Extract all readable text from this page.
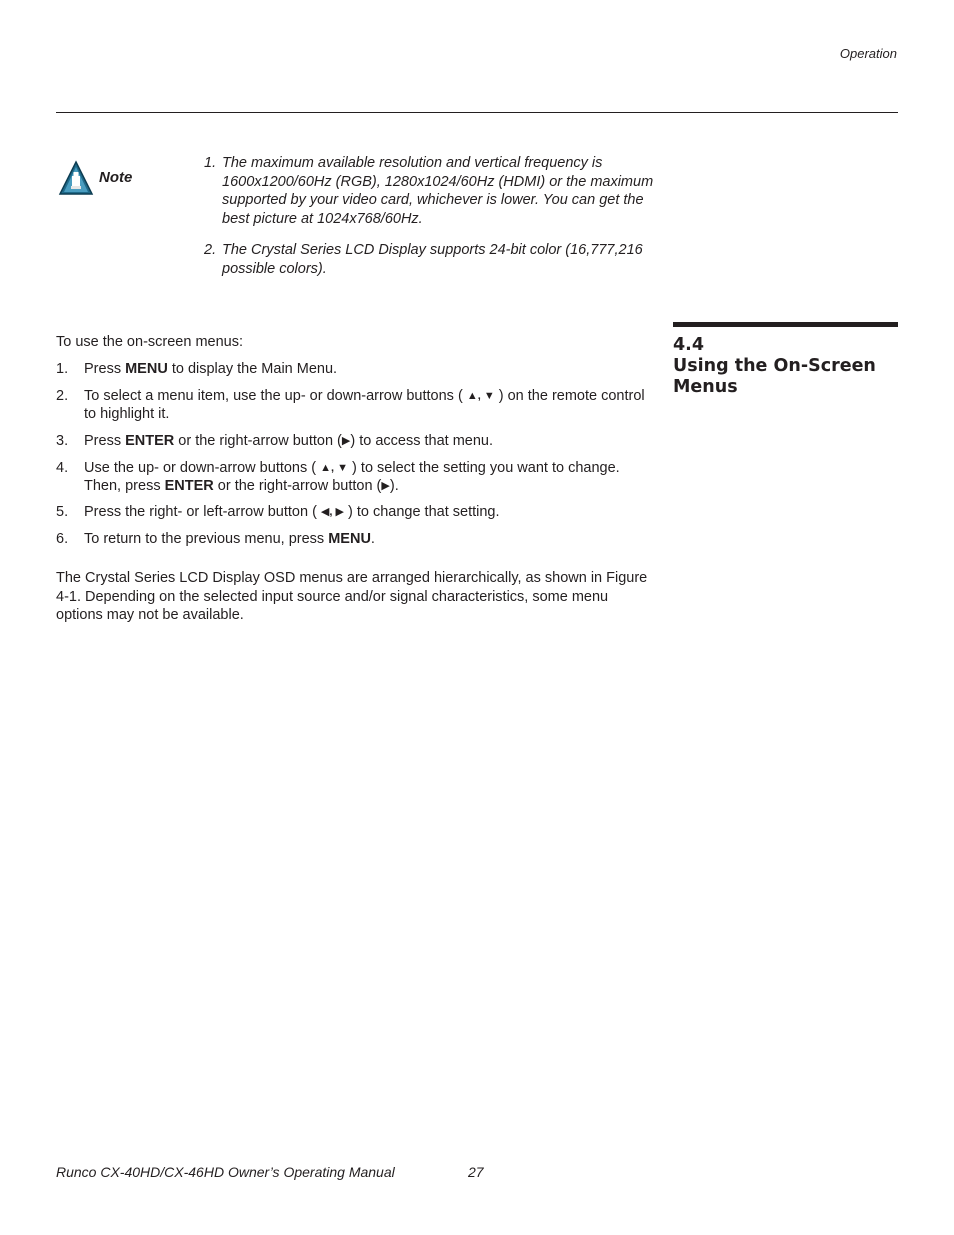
Operation
Note
1. The maximum available resolution and vertical frequency is 1600x1200/60Hz (RGB), 1280x1024/60Hz (HDMI) or the maximum supported by your video card, whichever is lower. You can get the best picture at 1024x768/60Hz.
2. The Crystal Series LCD Display supports 24-bit color (16,777,216 possible colors).
4.4
Using the On-Screen Menus

To use the on-screen menus:

1.	Press MENU to display the Main Menu.
2.	To select a menu item, use the up- or down-arrow buttons ( ▲, ▼ ) on the remote control to highlight it.
3.	Press ENTER or the right-arrow button (▶) to access that menu.
4.	Use the up- or down-arrow buttons ( ▲, ▼ ) to select the setting you want to change. Then, press ENTER or the right-arrow button (▶).
5.	Press the right- or left-arrow button ( ◀, ▶ ) to change that setting.
6.	To return to the previous menu, press MENU.

The Crystal Series LCD Display OSD menus are arranged hierarchically, as shown in Figure 4-1. Depending on the selected input source and/or signal characteristics, some menu options may not be available.

Runco CX-40HD/CX-46HD Owner’s Operating Manual	27
